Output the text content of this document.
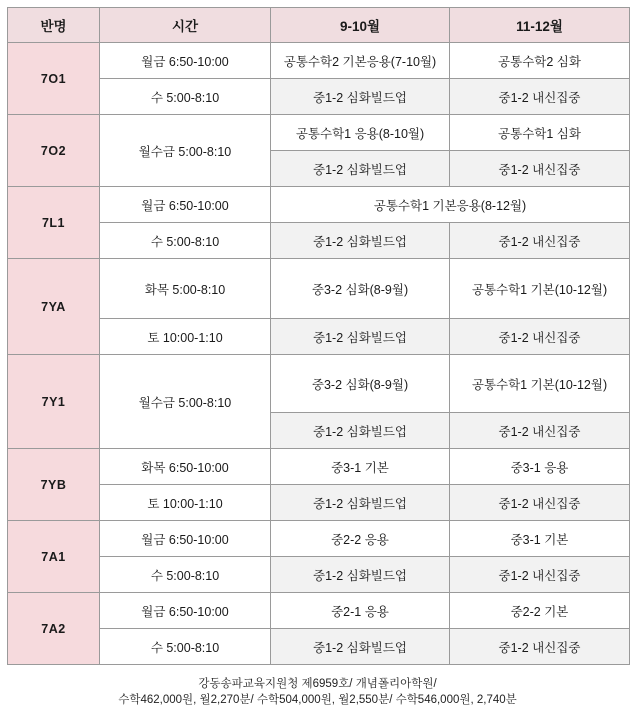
반명	시간	9-10월	11-12월
7O1	월금 6:50-10:00	공통수학2 기본응용(7-10월)	공통수학2 심화
	수 5:00-8:10	중1-2 심화빌드업	중1-2 내신집중
7O2	월수금 5:00-8:10	공통수학1 응용(8-10월)	공통수학1 심화
		중1-2 심화빌드업	중1-2 내신집중
7L1	월금 6:50-10:00	공통수학1 기본응용(8-12월)	
	수 5:00-8:10	중1-2 심화빌드업	중1-2 내신집중
7YA	화목 5:00-8:10	중3-2 심화(8-9월)	공통수학1 기본(10-12월)
	토 10:00-1:10	중1-2 심화빌드업	중1-2 내신집중
7Y1	월수금 5:00-8:10	중3-2 심화(8-9월)	공통수학1 기본(10-12월)
		중1-2 심화빌드업	중1-2 내신집중
7YB	화목 6:50-10:00	중3-1 기본	중3-1 응용
	토 10:00-1:10	중1-2 심화빌드업	중1-2 내신집중
7A1	월금 6:50-10:00	중2-2 응용	중3-1 기본
	수 5:00-8:10	중1-2 심화빌드업	중1-2 내신집중
7A2	월금 6:50-10:00	중2-1 응용	중2-2 기본
	수 5:00-8:10	중1-2 심화빌드업	중1-2 내신집중
강동송파교육지원청 제6959호/ 개념폴리아학원/
수학462,000원, 월2,270분/ 수학504,000원, 월2,550분/ 수학546,000원, 2,740분
